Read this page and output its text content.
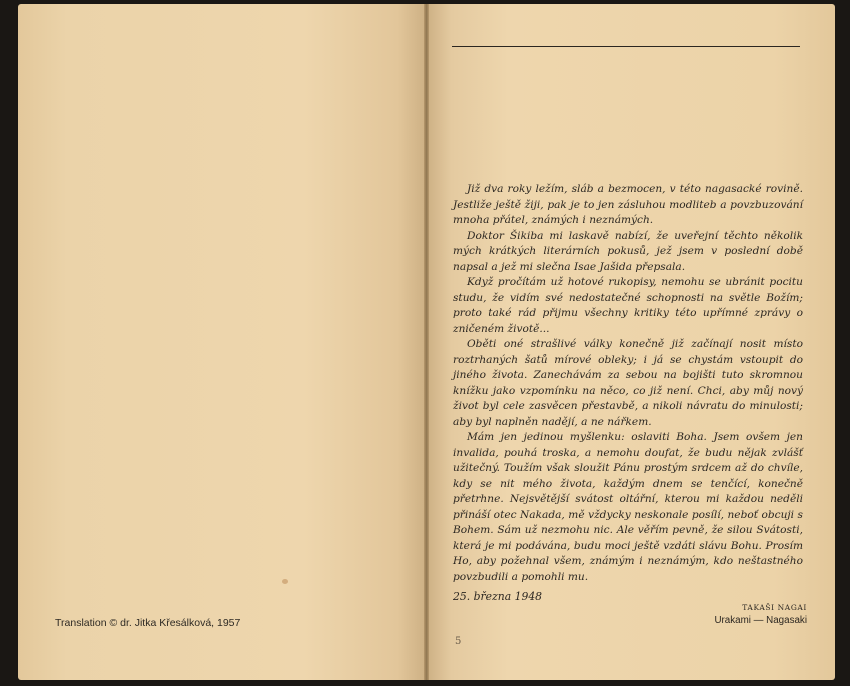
Translation © dr. Jitka Křesálková, 1957

Již dva roky ležím, sláb a bezmocen, v této nagasacké rovině. Jestliže ještě žiji, pak je to jen zásluhou modliteb a povzbuzování mnoha přátel, známých i neznámých.

Doktor Šikiba mi laskavě nabízí, že uveřejní těchto několik mých krátkých literárních pokusů, jež jsem v poslední době napsal a jež mi slečna Isae Jašida přepsala.

Když pročítám už hotové rukopisy, nemohu se ubránit pocitu studu, že vidím své nedostatečné schopnosti na světle Božím; proto také rád přijmu všechny kritiky této upřímné zprávy o zničeném životě...

Oběti oné strašlivé války konečně již začínají nosit místo roztrhaných šatů mírové obleky; i já se chystám vstoupit do jiného života. Zanechávám za sebou na bojišti tuto skromnou knížku jako vzpomínku na něco, co již není. Chci, aby můj nový život byl cele zasvěcen přestavbě, a nikoli návratu do minulosti; aby byl naplněn nadějí, a ne nářkem.

Mám jen jedinou myšlenku: oslaviti Boha. Jsem ovšem jen invalida, pouhá troska, a nemohu doufat, že budu nějak zvlášť užitečný. Toužím však sloužit Pánu prostým srdcem až do chvíle, kdy se nit mého života, každým dnem se tenčící, konečně přetrhne. Nejsvětější svátost oltářní, kterou mi každou neděli přináší otec Nakada, mě vždycky neskonale posílí, neboť obcuji s Bohem. Sám už nezmohu nic. Ale věřím pevně, že silou Svátosti, která je mi podávána, budu moci ještě vzdáti slávu Bohu. Prosím Ho, aby požehnal všem, známým i neznámým, kdo neštastného povzbudili a pomohli mu.

25. března 1948
TAKAŠI NAGAI
Urakami — Nagasaki
5
